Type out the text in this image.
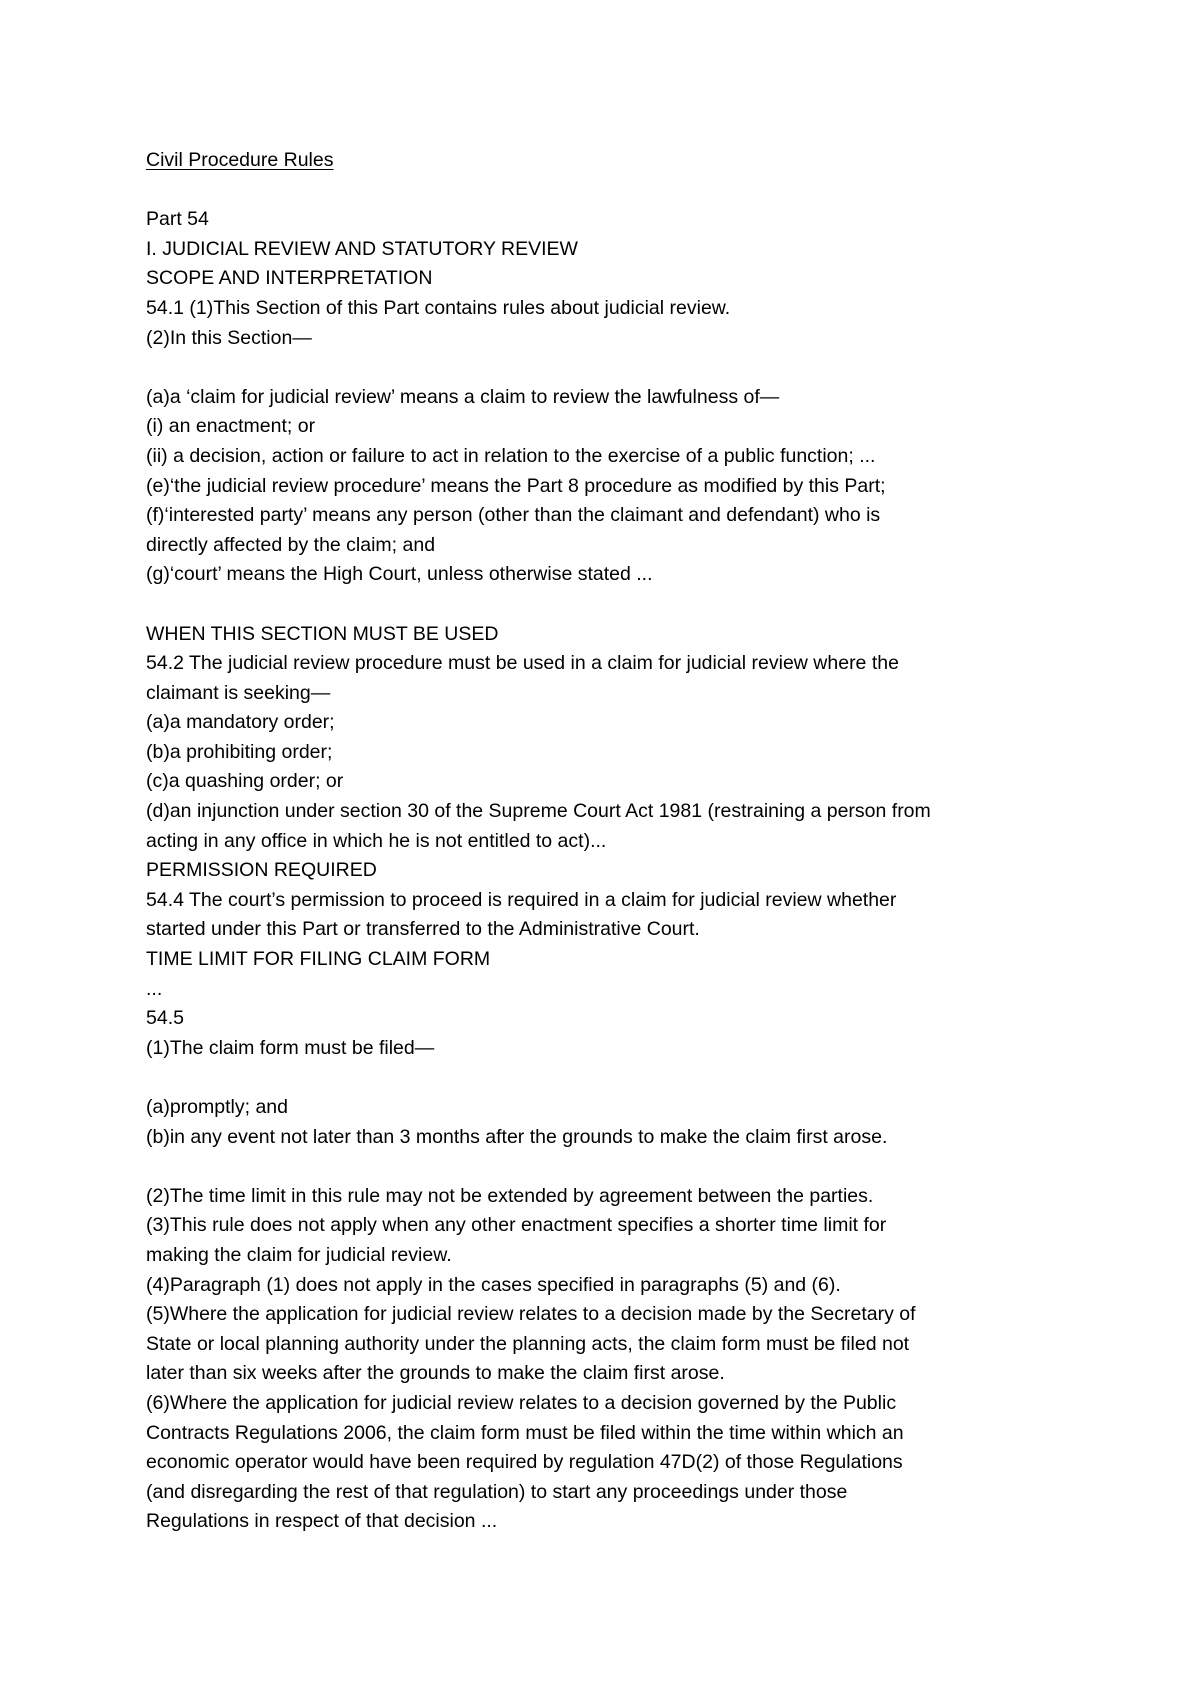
Civil Procedure Rules
Part 54
I. JUDICIAL REVIEW AND STATUTORY REVIEW
SCOPE AND INTERPRETATION
54.1 (1)This Section of this Part contains rules about judicial review.
(2)In this Section—
(a)a ‘claim for judicial review’ means a claim to review the lawfulness of—
(i) an enactment; or
(ii) a decision, action or failure to act in relation to the exercise of a public function; ...
(e)‘the judicial review procedure’ means the Part 8 procedure as modified by this Part;
(f)‘interested party’ means any person (other than the claimant and defendant) who is
directly affected by the claim; and
(g)‘court’ means the High Court, unless otherwise stated ...
WHEN THIS SECTION MUST BE USED
54.2 The judicial review procedure must be used in a claim for judicial review where the
claimant is seeking—
(a)a mandatory order;
(b)a prohibiting order;
(c)a quashing order; or
(d)an injunction under section 30 of the Supreme Court Act 1981 (restraining a person from
acting in any office in which he is not entitled to act)...
PERMISSION REQUIRED
54.4 The court’s permission to proceed is required in a claim for judicial review whether
started under this Part or transferred to the Administrative Court.
TIME LIMIT FOR FILING CLAIM FORM
...
54.5
(1)The claim form must be filed—
(a)promptly; and
(b)in any event not later than 3 months after the grounds to make the claim first arose.
(2)The time limit in this rule may not be extended by agreement between the parties.
(3)This rule does not apply when any other enactment specifies a shorter time limit for
making the claim for judicial review.
(4)Paragraph (1) does not apply in the cases specified in paragraphs (5) and (6).
(5)Where the application for judicial review relates to a decision made by the Secretary of
State or local planning authority under the planning acts, the claim form must be filed not
later than six weeks after the grounds to make the claim first arose.
(6)Where the application for judicial review relates to a decision governed by the Public
Contracts Regulations 2006, the claim form must be filed within the time within which an
economic operator would have been required by regulation 47D(2) of those Regulations
(and disregarding the rest of that regulation) to start any proceedings under those
Regulations in respect of that decision ...
